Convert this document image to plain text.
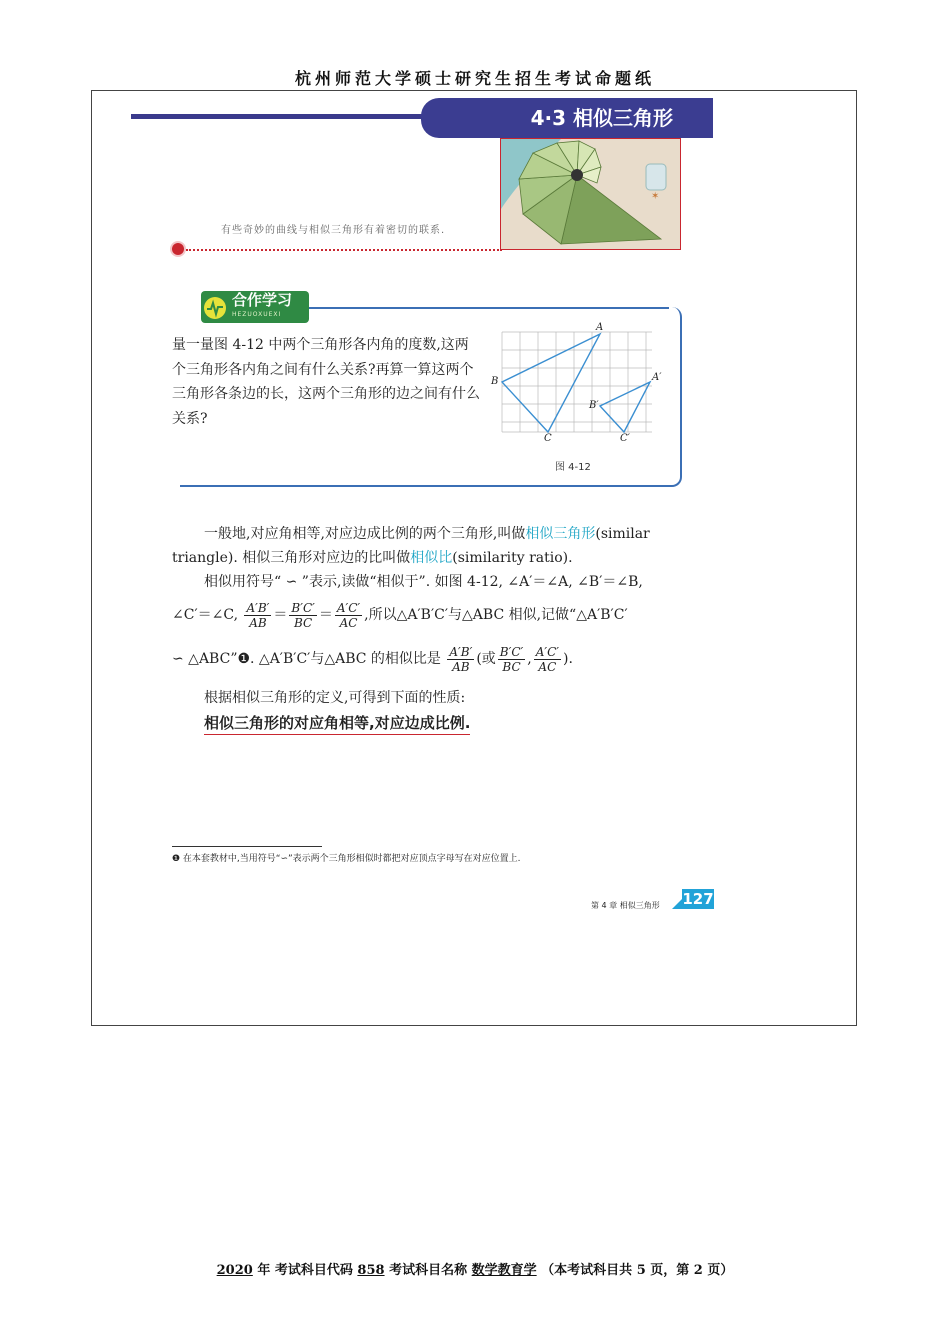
杭州师范大学硕士研究生招生考试命题纸
4·3 相似三角形
✶
有些奇妙的曲线与相似三角形有着密切的联系.
合作学习
HEZUOXUEXI
量一量图 4-12 中两个三角形各内角的度数,这两个三角形各内角之间有什么关系?再算一算这两个三角形各条边的长，这两个三角形的边之间有什么关系?
A
B
C
A′
B′
C′
图 4-12
一般地,对应角相等,对应边成比例的两个三角形,叫做相似三角形(similar triangle). 相似三角形对应边的比叫做相似比(similarity ratio).
相似用符号“ ∽ ”表示,读做“相似于”. 如图 4-12, ∠A′＝∠A, ∠B′＝∠B,
∠C′＝∠C, $\frac{A'B'}{AB} = \frac{B'C'}{BC} = \frac{A'C'}{AC}$ ,所以△A′B′C′与△ABC 相似,记做“△A′B′C′
∽ △ABC”❶. △A′B′C′与△ABC 的相似比是 $\frac{A'B'}{AB}$ (或 $\frac{B'C'}{BC}$ , $\frac{A'C'}{AC}$ ).
根据相似三角形的定义,可得到下面的性质:
相似三角形的对应角相等,对应边成比例.
❶ 在本套教材中,当用符号“∽”表示两个三角形相似时都把对应顶点字母写在对应位置上.
第 4 章 相似三角形 127
2020 年 考试科目代码 858 考试科目名称 数学教育学 （本考试科目共 5 页，第 2 页）
